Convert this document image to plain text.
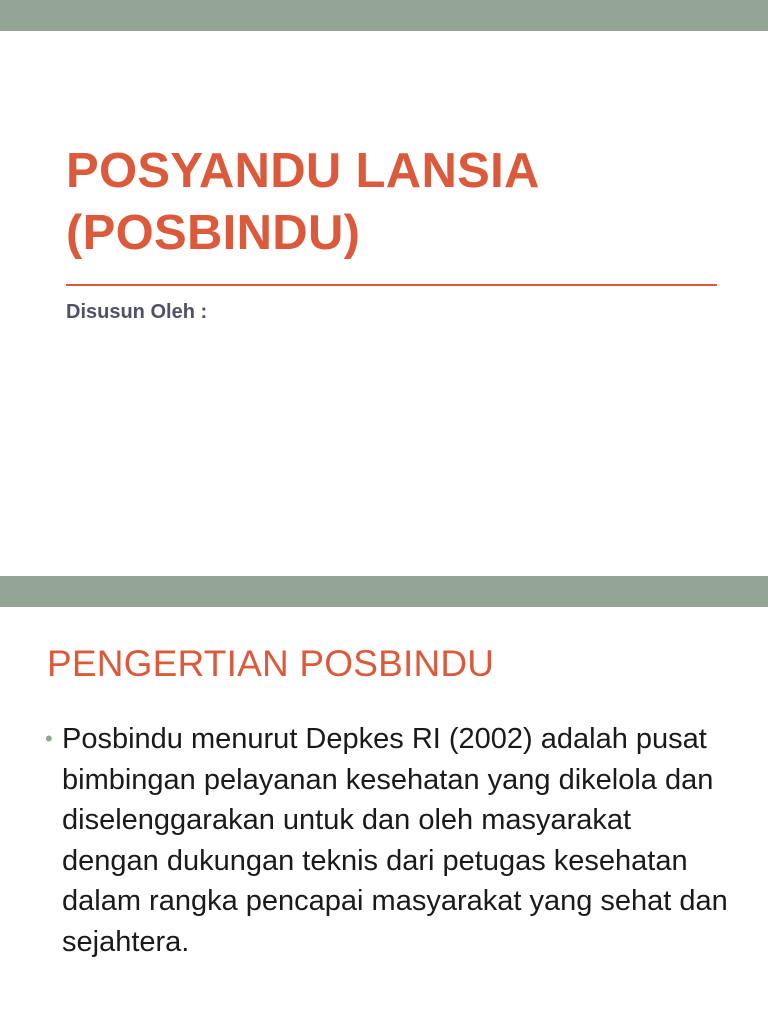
POSYANDU LANSIA (POSBINDU)

Disusun Oleh :

PENGERTIAN POSBINDU
• Posbindu menurut Depkes RI (2002) adalah pusat bimbingan pelayanan kesehatan yang dikelola dan diselenggarakan untuk dan oleh masyarakat dengan dukungan teknis dari petugas kesehatan dalam rangka pencapai masyarakat yang sehat dan sejahtera.
